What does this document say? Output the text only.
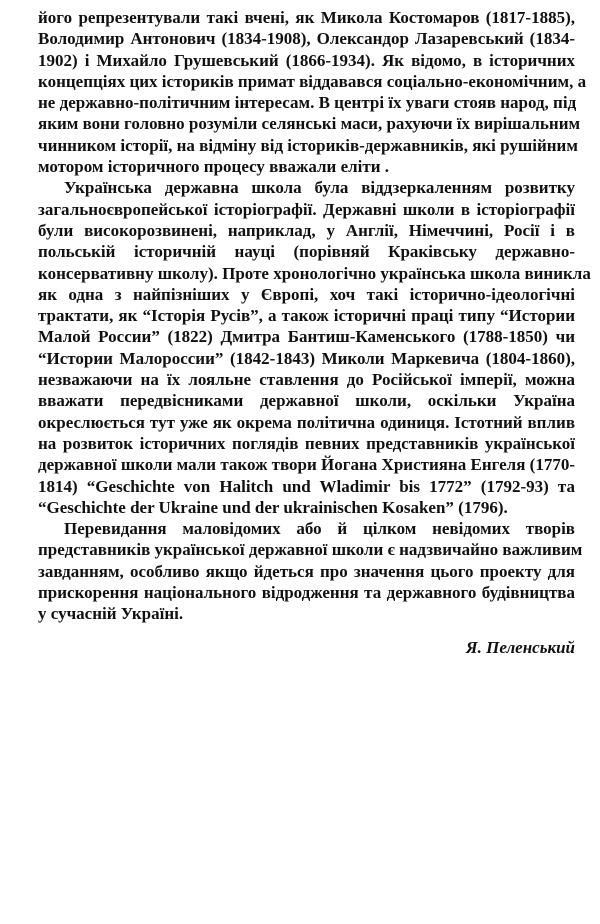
його репрезентували такі вчені, як Микола Костомаров (1817-1885),
Володимир Антонович (1834-1908), Олександор Лазаревський (1834-
1902) і Михайло Грушевський (1866-1934). Як відомо, в історичних
концепціях цих істориків примат віддавався соціально-економічним, а
не державно-політичним інтересам. В центрі їх уваги стояв народ, під
яким вони головно розуміли селянські маси, рахуючи їх вирішальним
чинником історії, на відміну від істориків-державників, які рушійним
мотором історичного процесу вважали еліти .
Українська державна школа була віддзеркаленням розвитку
загальноєвропейської історіографії. Державні школи в історіографії
були високорозвинені, наприклад, у Англії, Німеччині, Росії і в
польській історичній науці (порівняй Краківську державно-
консервативну школу). Проте хронологічно українська школа виникла
як одна з найпізніших у Європі, хоч такі історично-ідеологічні
трактати, як “Історія Русів”, а також історичні праці типу “Истории
Малой России” (1822) Дмитра Бантиш-Каменського (1788-1850) чи
“Истории Малороссии” (1842-1843) Миколи Маркевича (1804-1860),
незважаючи на їх лояльне ставлення до Російської імперії, можна
вважати передвісниками державної школи, оскільки Україна
окреслюється тут уже як окрема політична одиниця. Істотний вплив
на розвиток історичних поглядів певних представників української
державної школи мали також твори Йогана Християна Енгеля (1770-
1814) “Geschichte von Halitch und Wladimir bis 1772” (1792-93) та
“Geschichte der Ukraine und der ukrainischen Kosaken” (1796).
Перевидання маловідомих або й цілком невідомих творів
представників української державної школи є надзвичайно важливим
завданням, особливо якщо йдеться про значення цього проекту для
прискорення національного відродження та державного будівництва
у сучасній Україні.
Я. Пеленський
